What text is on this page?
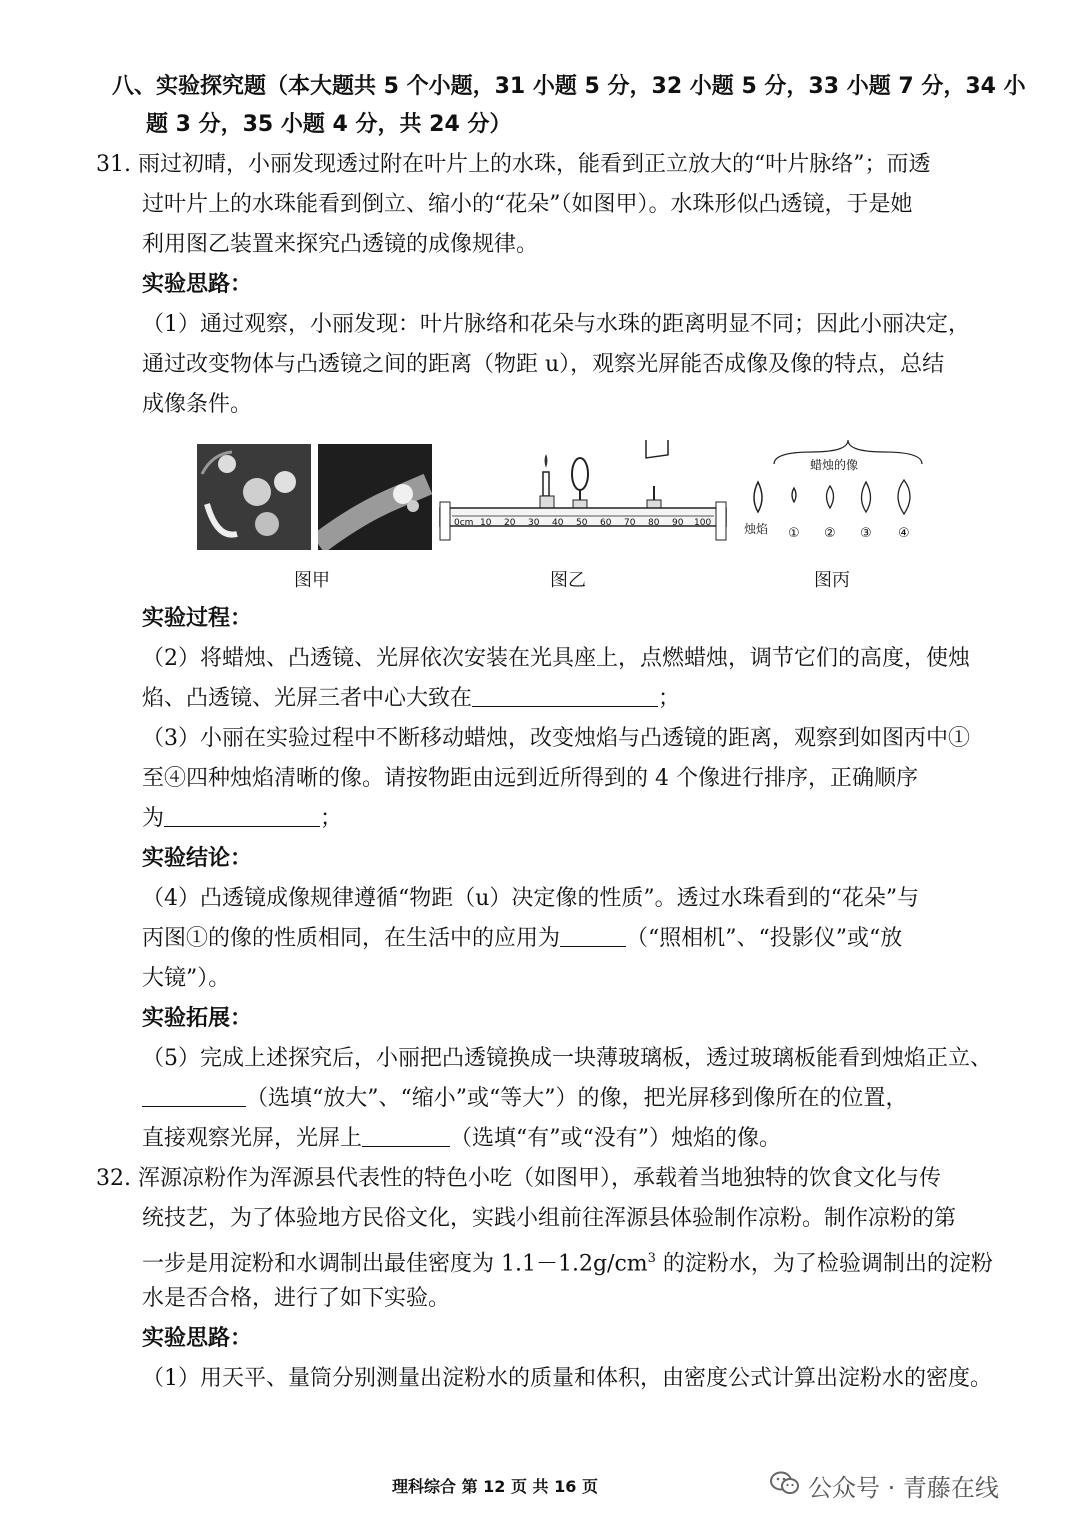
八、实验探究题（本大题共 5 个小题，31 小题 5 分，32 小题 5 分，33 小题 7 分，34 小
题 3 分，35 小题 4 分，共 24 分）
31. 雨过初晴，小丽发现透过附在叶片上的水珠，能看到正立放大的“叶片脉络”；而透
过叶片上的水珠能看到倒立、缩小的“花朵”（如图甲）。水珠形似凸透镜，于是她
利用图乙装置来探究凸透镜的成像规律。
实验思路：
（1）通过观察，小丽发现：叶片脉络和花朵与水珠的距离明显不同；因此小丽决定，
通过改变物体与凸透镜之间的距离（物距 u），观察光屏能否成像及像的特点，总结
成像条件。
0cm 10 20 30 40 50 60 70 80 90 100
蜡烛的像
烛焰 ① ② ③ ④
图甲	图乙	图丙
实验过程：
（2）将蜡烛、凸透镜、光屏依次安装在光具座上，点燃蜡烛，调节它们的高度，使烛
焰、凸透镜、光屏三者中心大致在	；
（3）小丽在实验过程中不断移动蜡烛，改变烛焰与凸透镜的距离，观察到如图丙中①
至④四种烛焰清晰的像。请按物距由远到近所得到的 4 个像进行排序，正确顺序
为	；
实验结论：
（4）凸透镜成像规律遵循“物距（u）决定像的性质”。透过水珠看到的“花朵”与
丙图①的像的性质相同，在生活中的应用为	（“照相机”、“投影仪”或“放
大镜”）。
实验拓展：
（5）完成上述探究后，小丽把凸透镜换成一块薄玻璃板，透过玻璃板能看到烛焰正立、
（选填“放大”、“缩小”或“等大”）的像，把光屏移到像所在的位置，
直接观察光屏，光屏上	（选填“有”或“没有”）烛焰的像。
32. 浑源凉粉作为浑源县代表性的特色小吃（如图甲），承载着当地独特的饮食文化与传
统技艺，为了体验地方民俗文化，实践小组前往浑源县体验制作凉粉。制作凉粉的第
一步是用淀粉和水调制出最佳密度为 $1.1-1.2g/cm^3$ 的淀粉水，为了检验调制出的淀粉
水是否合格，进行了如下实验。
实验思路：
（1）用天平、量筒分别测量出淀粉水的质量和体积，由密度公式计算出淀粉水的密度。
理科综合 第 12 页 共 16 页	公众号 · 青藤在线
